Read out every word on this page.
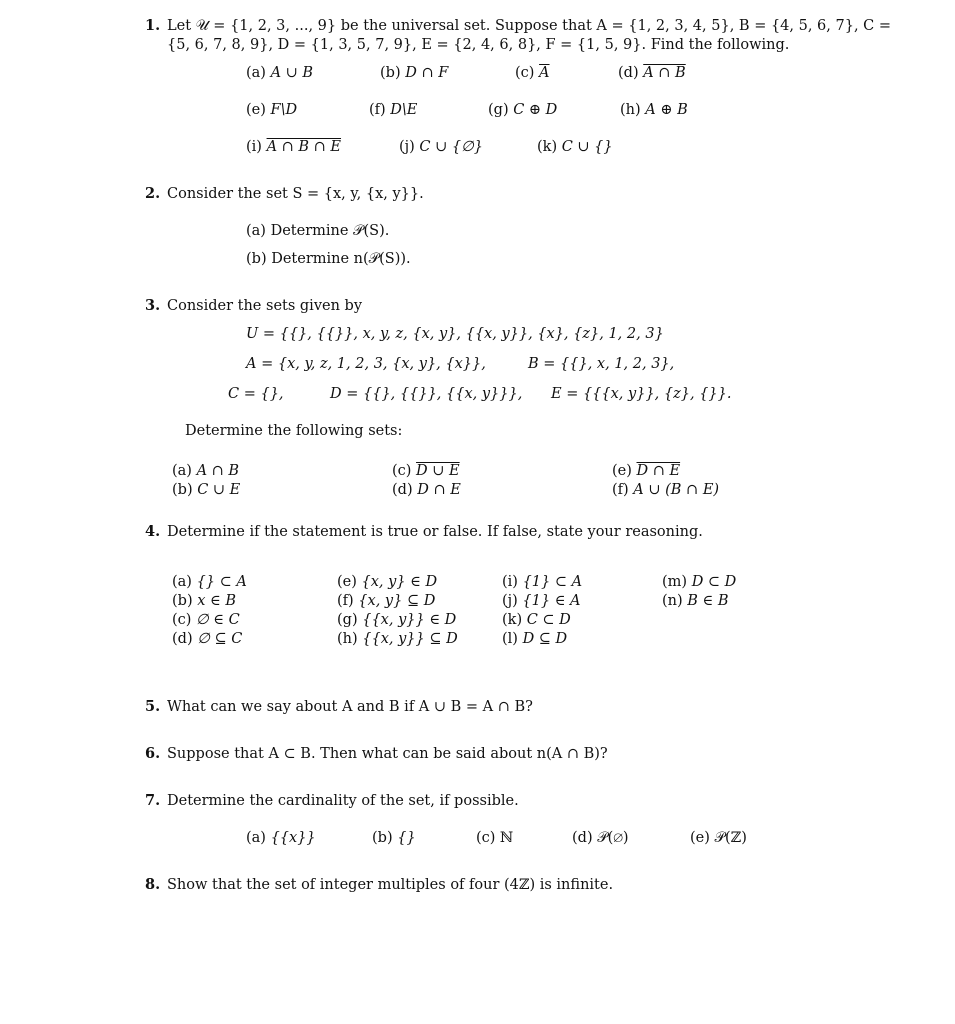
1. Let 𝒰 = {1, 2, 3, ..., 9} be the universal set. Suppose that A = {1, 2, 3, 4, 5}, B = {4, 5, 6, 7}, C =
{5, 6, 7, 8, 9}, D = {1, 3, 5, 7, 9}, E = {2, 4, 6, 8}, F = {1, 5, 9}. Find the following.
(a) A ∪ B	(b) D ∩ F	(c) $\overline{A}$	(d) A ∩ B
(e) F\D	(f) D\E	(g) C ⊕ D	(h) A ⊕ B
(i) A ∩ B ∩ E	(j) C ∪ {∅}	(k) C ∪ {}
2. Consider the set S = {x, y, {x, y}}.
(a) Determine 𝒫(S).
(b) Determine n(𝒫(S)).
3. Consider the sets given by
U = {{}, {{}}, x, y, z, {x, y}, {{x, y}}, {x}, {z}, 1, 2, 3}
A = {x, y, z, 1, 2, 3, {x, y}, {x}},	B = {{}, x, 1, 2, 3},
C = {},	D = {{}, {{}}, {{x, y}}}, E = {{{x, y}}, {z}, {}}.
Determine the following sets:
(a) A ∩ B
(b) C ∪ E
(c) D ∪ E
(d) D ∩ E
(e) D ∩ E
(f) A ∪ (B ∩ E)
4. Determine if the statement is true or false. If false, state your reasoning.
(a) {} ⊂ A
(b) x ∈ B
(c) ∅ ∈ C
(d) ∅ ⊆ C
(e) {x, y} ∈ D
(f) {x, y} ⊆ D
(g) {{x, y}} ∈ D
(h) {{x, y}} ⊆ D
(i) {1} ⊂ A
(j) {1} ∈ A
(k) C ⊂ D
(l) D ⊆ D
(m) D ⊂ D
(n) B ∈ B
5. What can we say about A and B if A ∪ B = A ∩ B?
6. Suppose that A ⊂ B. Then what can be said about n(A ∩ B)?
7. Determine the cardinality of the set, if possible.
(a) {{x}}	(b) {}	(c) ℕ	(d) 𝒫(∅)	(e) 𝒫(ℤ)
8. Show that the set of integer multiples of four (4ℤ) is infinite.
